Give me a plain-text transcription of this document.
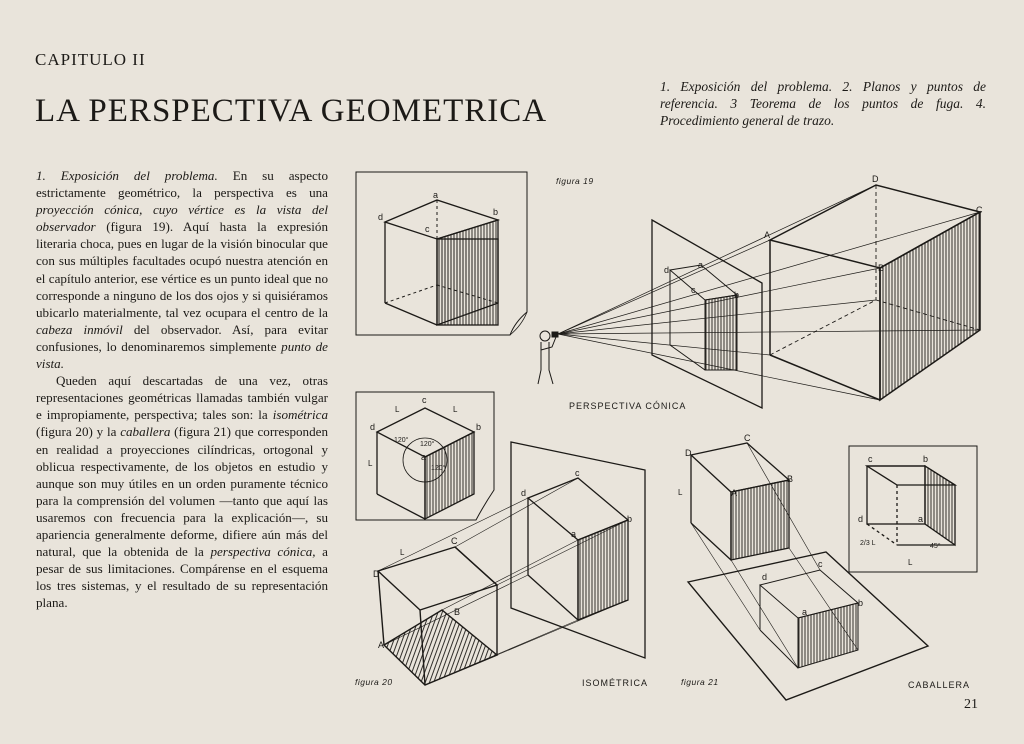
CAPITULO II
LA PERSPECTIVA GEOMETRICA
1. Exposición del problema. 2. Planos y puntos de referencia. 3 Teorema de los puntos de fuga. 4. Procedimiento general de trazo.

1. Exposición del problema. En su aspecto estrictamente geométrico, la perspectiva es una proyección cónica, cuyo vértice es la vista del observador (figura 19). Aquí hasta la expresión literaria choca, pues en lugar de la visión binocular que con sus múltiples facultades ocupó nuestra atención en el capítulo anterior, ese vértice es un punto ideal que no corresponde a ninguno de los dos ojos y si quisiéramos ubicarlo materialmente, tal vez ocupara el centro de la cabeza inmóvil del observador. Así, para evitar confusiones, lo denominaremos simplemente punto de vista.

Queden aquí descartadas de una vez, otras representaciones geométricas llamadas también vulgar e impropiamente, perspectiva; tales son: la isométrica (figura 20) y la caballera (figura 21) que corresponden en realidad a proyecciones cilíndricas, ortogonal y oblicua respectivamente, de los objetos en estudio y aunque son muy útiles en un orden puramente técnico para la comprensión del volumen —tanto que aquí las usaremos con frecuencia para la explicación—, su apariencia generalmente deforme, difiere aún más del natural, que la obtenida de la perspectiva cónica, a pesar de sus limitaciones. Compárense en el esquema los tres sistemas, y el resultado de su representación plana.

a
d	b
c
A
D
C
B
d	a
b
c
c
d	b
a
120°
120°
120°
L	L
L
c
d
b
a
C
D
B
A
L
C
D
B
A
L
d
c
b
a
c	b
d	a
2/3 L	45°
L
figura 19
figura 20	figura 21
PERSPECTIVA CÓNICA
ISOMÉTRICA	CABALLERA
21
